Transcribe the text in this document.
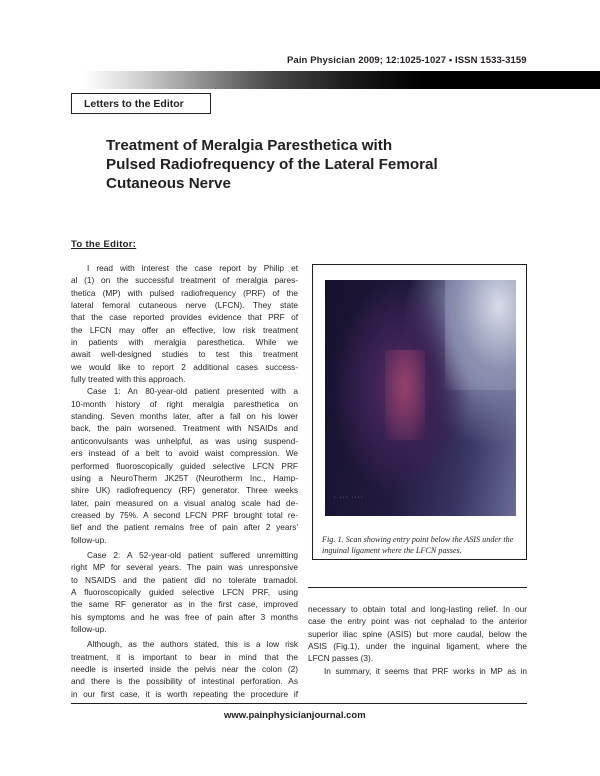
Pain Physician 2009; 12:1025-1027 • ISSN 1533-3159
Letters to the Editor
Treatment of Meralgia Paresthetica with
Pulsed Radiofrequency of the Lateral Femoral
Cutaneous Nerve
To the Editor:
I read with interest the case report by Philip et
al (1) on the successful treatment of meralgia pares-
thetica (MP) with pulsed radiofrequency (PRF) of the
lateral femoral cutaneous nerve (LFCN). They state
that the case reported provides evidence that PRF of
the LFCN may offer an effective, low risk treatment
in patients with meralgia paresthetica. While we
await well-designed studies to test this treatment
we would like to report 2 additional cases success-
fully treated with this approach.
Case 1: An 80-year-old patient presented with a
10-month history of right meralgia paresthetica on
standing. Seven months later, after a fall on his lower
back, the pain worsened. Treatment with NSAIDs and
anticonvulsants was unhelpful, as was using suspend-
ers instead of a belt to avoid waist compression. We
performed fluoroscopically guided selective LFCN PRF
using a NeuroTherm JK25T (Neurotherm Inc., Hamp-
shire UK) radiofrequency (RF) generator. Three weeks
later, pain measured on a visual analog scale had de-
creased by 75%. A second LFCN PRF brought total re-
lief and the patient remains free of pain after 2 years'
follow-up.
Case 2: A 52-year-old patient suffered unremitting
right MP for several years. The pain was unresponsive
to NSAIDS and the patient did no tolerate tramadol.
A fluoroscopically guided selective LFCN PRF, using
the same RF generator as in the first case, improved
his symptoms and he was free of pain after 3 months
follow-up.
Although, as the authors stated, this is a low risk
treatment, it is important to bear in mind that the
needle is inserted inside the pelvis near the colon (2)
and there is the possibility of intestinal perforation. As
in our first case, it is worth repeating the procedure if
· ··· ····
Fig. 1. Scan showing entry point below the ASIS under the
inguinal ligament where the LFCN passes.
necessary to obtain total and long-lasting relief. In our
case the entry point was not cephalad to the anterior
superior iliac spine (ASIS) but more caudal, below the
ASIS (Fig.1), under the inguinal ligament, where the
LFCN passes (3).
In summary, it seems that PRF works in MP as in
www.painphysicianjournal.com
